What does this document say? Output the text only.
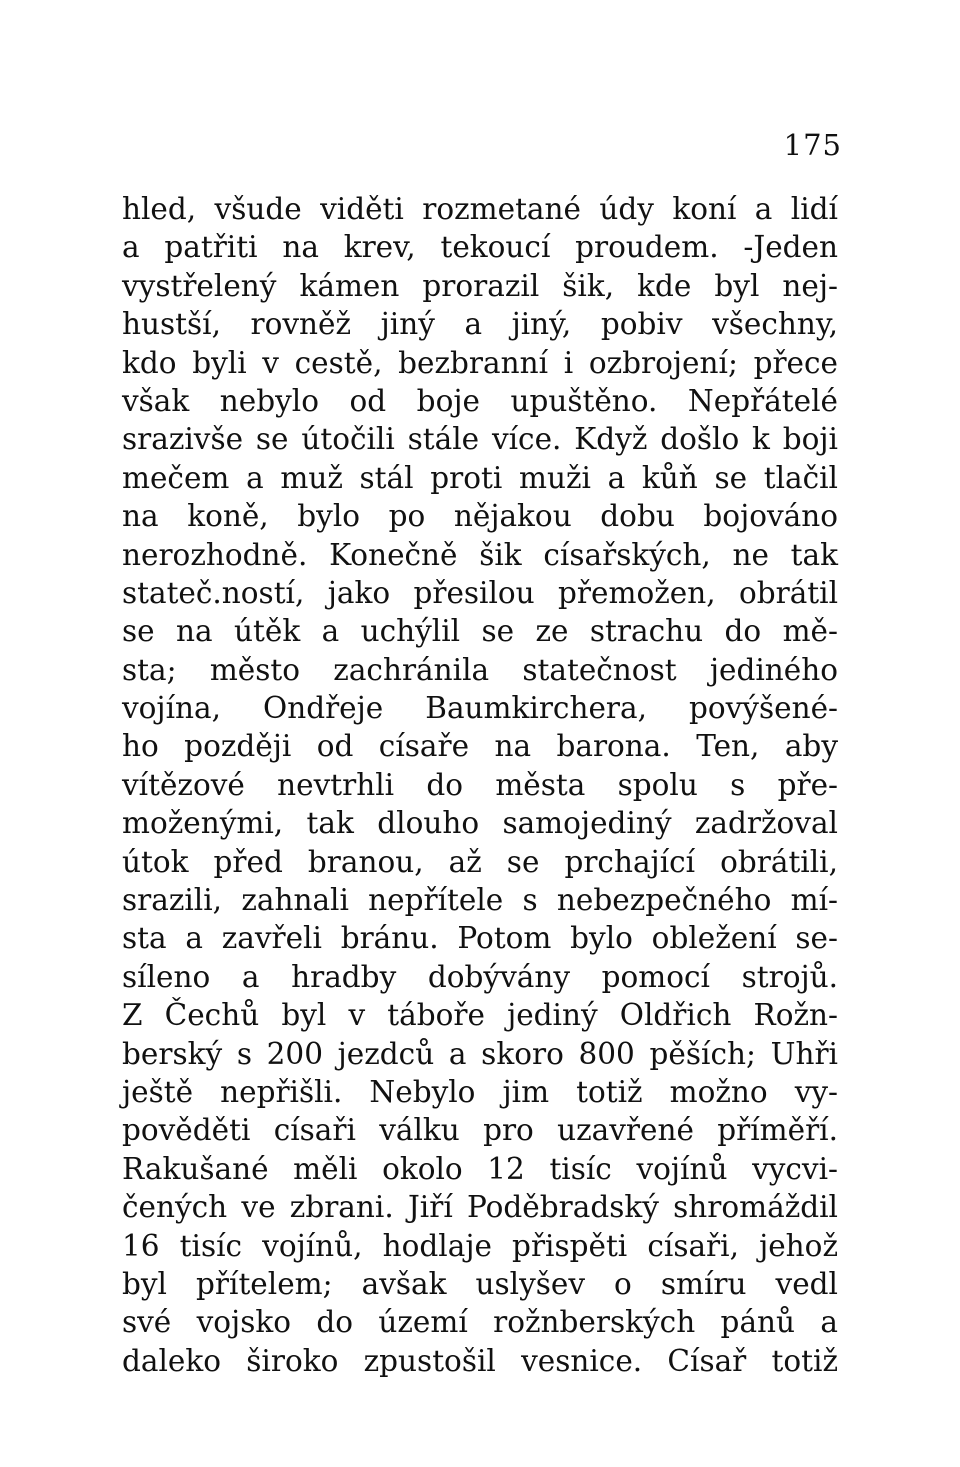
175
hled, všude viděti rozmetané údy koní a lidí
a patřiti na krev, tekoucí proudem. -Jeden
vystřelený kámen prorazil šik, kde byl nej-
hustší, rovněž jiný a jiný, pobiv všechny,
kdo byli v cestě, bezbranní i ozbrojení; přece
však nebylo od boje upuštěno. Nepřátelé
srazivše se útočili stále více. Když došlo k boji
mečem a muž stál proti muži a kůň se tlačil
na koně, bylo po nějakou dobu bojováno
nerozhodně. Konečně šik císařských, ne tak
stateč.ností, jako přesilou přemožen, obrátil
se na útěk a uchýlil se ze strachu do mě-
sta; město zachránila statečnost jediného
vojína, Ondřeje Baumkirchera, povýšené-
ho později od císaře na barona. Ten, aby
vítězové nevtrhli do města spolu s pře-
moženými, tak dlouho samojediný zadržoval
útok před branou, až se prchající obrátili,
srazili, zahnali nepřítele s nebezpečného mí-
sta a zavřeli bránu. Potom bylo obležení se-
síleno a hradby dobývány pomocí strojů.
Z Čechů byl v táboře jediný Oldřich Rožn-
berský s 200 jezdců a skoro 800 pěších; Uhři
ještě nepřišli. Nebylo jim totiž možno vy-
pověděti císaři válku pro uzavřené příměří.
Rakušané měli okolo 12 tisíc vojínů vycvi-
čených ve zbrani. Jiří Poděbradský shromáždil
16 tisíc vojínů, hodlaje přispěti císaři, jehož
byl přítelem; avšak uslyšev o smíru vedl
své vojsko do území rožnberských pánů a
daleko široko zpustošil vesnice. Císař totiž
